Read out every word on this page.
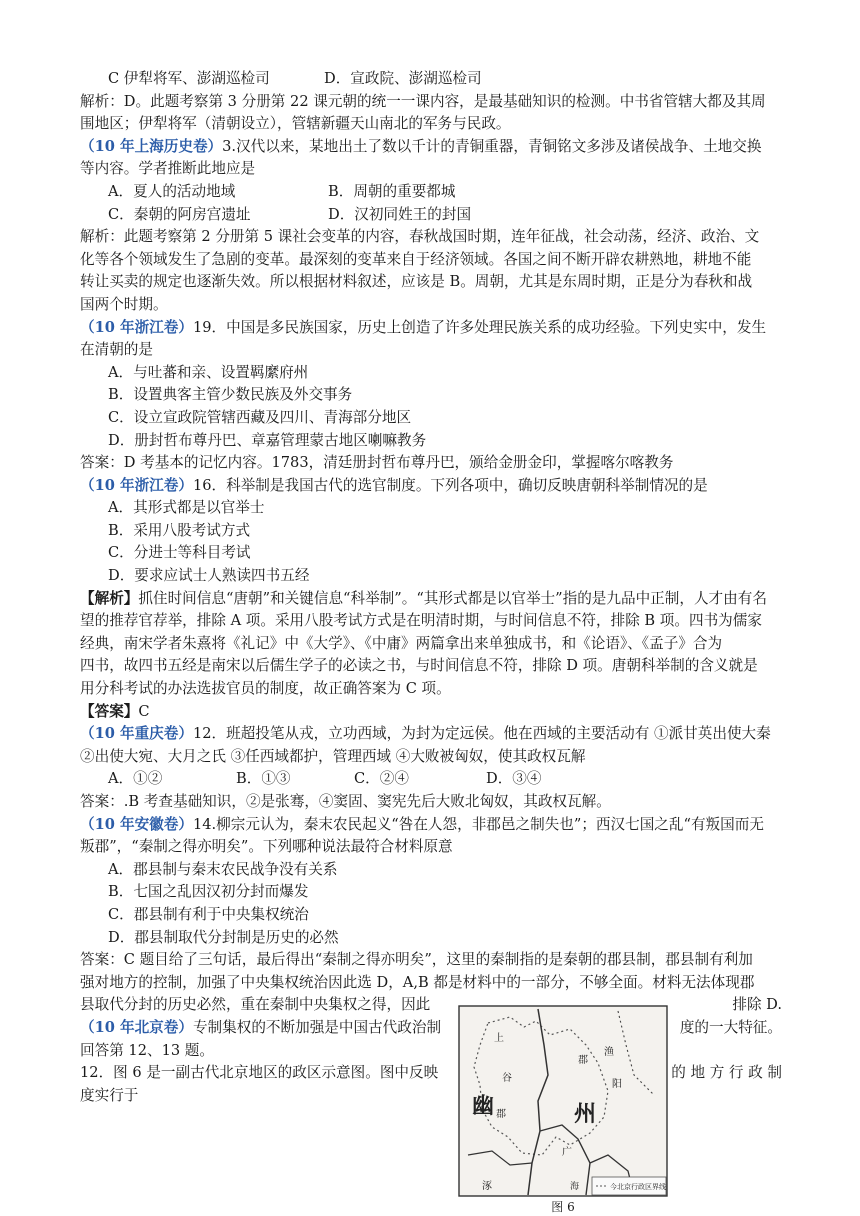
C 伊犁将军、澎湖巡检司	D．宣政院、澎湖巡检司
解析：D。此题考察第 3 分册第 22 课元朝的统一一课内容，是最基础知识的检测。中书省管辖大都及其周
围地区；伊犁将军（清朝设立），管辖新疆天山南北的军务与民政。
（10 年上海历史卷）3.汉代以来，某地出土了数以千计的青铜重器，青铜铭文多涉及诸侯战争、土地交换
等内容。学者推断此地应是
A．夏人的活动地域	B．周朝的重要都城
C．秦朝的阿房宫遗址	D．汉初同姓王的封国
解析：此题考察第 2 分册第 5 课社会变革的内容，春秋战国时期，连年征战，社会动荡，经济、政治、文
化等各个领域发生了急剧的变革。最深刻的变革来自于经济领域。各国之间不断开辟农耕熟地，耕地不能
转让买卖的规定也逐渐失效。所以根据材料叙述，应该是 B。周朝，尤其是东周时期，正是分为春秋和战
国两个时期。
（10 年浙江卷）19．中国是多民族国家，历史上创造了许多处理民族关系的成功经验。下列史实中，发生
在清朝的是
A．与吐蕃和亲、设置羁縻府州
B．设置典客主管少数民族及外交事务
C．设立宣政院管辖西藏及四川、青海部分地区
D．册封哲布尊丹巴、章嘉管理蒙古地区喇嘛教务
答案：D 考基本的记忆内容。1783，清廷册封哲布尊丹巴，颁给金册金印，掌握喀尔喀教务
（10 年浙江卷）16．科举制是我国古代的选官制度。下列各项中，确切反映唐朝科举制情况的是
A．其形式都是以官举士
B．采用八股考试方式
C．分进士等科目考试
D．要求应试士人熟读四书五经
【解析】抓住时间信息“唐朝”和关键信息“科举制”。“其形式都是以官举士”指的是九品中正制，人才由有名
望的推荐官荐举，排除 A 项。采用八股考试方式是在明清时期，与时间信息不符，排除 B 项。四书为儒家
经典，南宋学者朱熹将《礼记》中《大学》、《中庸》两篇拿出来单独成书，和《论语》、《孟子》合为
四书，故四书五经是南宋以后儒生学子的必读之书，与时间信息不符，排除 D 项。唐朝科举制的含义就是
用分科考试的办法选拔官员的制度，故正确答案为 C 项。
【答案】C
（10 年重庆卷）12．班超投笔从戎，立功西域，为封为定远侯。他在西域的主要活动有 ①派甘英出使大秦
②出使大宛、大月之氏 ③任西域都护，管理西域 ④大败被匈奴，使其政权瓦解
A．①②	B．①③	C．②④	D．③④
答案：.B 考查基础知识，②是张骞，④窦固、窦宪先后大败北匈奴，其政权瓦解。
（10 年安徽卷）14.柳宗元认为，秦末农民起义“咎在人怨，非郡邑之制失也”；西汉七国之乱“有叛国而无
叛郡”，“秦制之得亦明矣”。下列哪种说法最符合材料原意
A．郡县制与秦末农民战争没有关系
B．七国之乱因汉初分封而爆发
C．郡县制有利于中央集权统治
D．郡县制取代分封制是历史的必然
答案：C 题目给了三句话，最后得出“秦制之得亦明矣”，这里的秦制指的是秦朝的郡县制，郡县制有利加
强对地方的控制，加强了中央集权统治因此选 D，A,B 都是材料中的一部分，不够全面。材料无法体现郡
县取代分封的历史必然，重在秦制中央集权之得，因此	排除 D.
（10 年北京卷）专制集权的不断加强是中国古代政治制	度的一大特征。
回答第 12、13 题。
12．图 6 是一副古代北京地区的政区示意图。图中反映	的 地 方 行 政 制
度实行于
上
谷
郡
幽	州
渔
阳
郡
广
涿	海	今北京行政区界线
图 6
